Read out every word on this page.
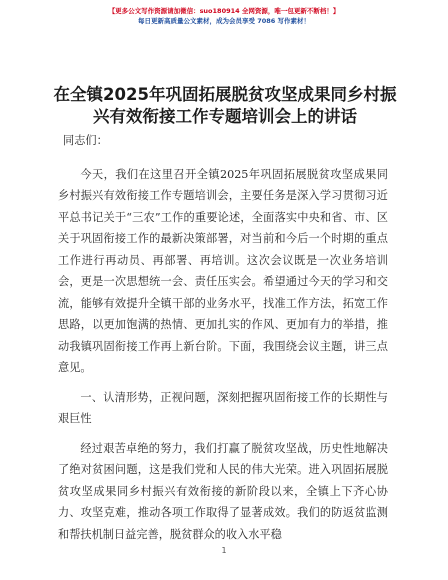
【更多公文写作资源请加微信：suo180914 全网资源，唯一包更新不断档！】
每日更新高质量公文素材，成为会员享受 7086 写作素材！
在全镇2025年巩固拓展脱贫攻坚成果同乡村振兴有效衔接工作专题培训会上的讲话

同志们：

今天，我们在这里召开全镇2025年巩固拓展脱贫攻坚成果同乡村振兴有效衔接工作专题培训会，主要任务是深入学习贯彻习近平总书记关于“三农”工作的重要论述，全面落实中央和省、市、区关于巩固衔接工作的最新决策部署，对当前和今后一个时期的重点工作进行再动员、再部署、再培训。这次会议既是一次业务培训会，更是一次思想统一会、责任压实会。希望通过今天的学习和交流，能够有效提升全镇干部的业务水平，找准工作方法，拓宽工作思路，以更加饱满的热情、更加扎实的作风、更加有力的举措，推动我镇巩固衔接工作再上新台阶。下面，我围绕会议主题，讲三点意见。

一、认清形势，正视问题，深刻把握巩固衔接工作的长期性与艰巨性

经过艰苦卓绝的努力，我们打赢了脱贫攻坚战，历史性地解决了绝对贫困问题，这是我们党和人民的伟大光荣。进入巩固拓展脱贫攻坚成果同乡村振兴有效衔接的新阶段以来，全镇上下齐心协力、攻坚克难，推动各项工作取得了显著成效。我们的防返贫监测和帮扶机制日益完善，脱贫群众的收入水平稳

1
